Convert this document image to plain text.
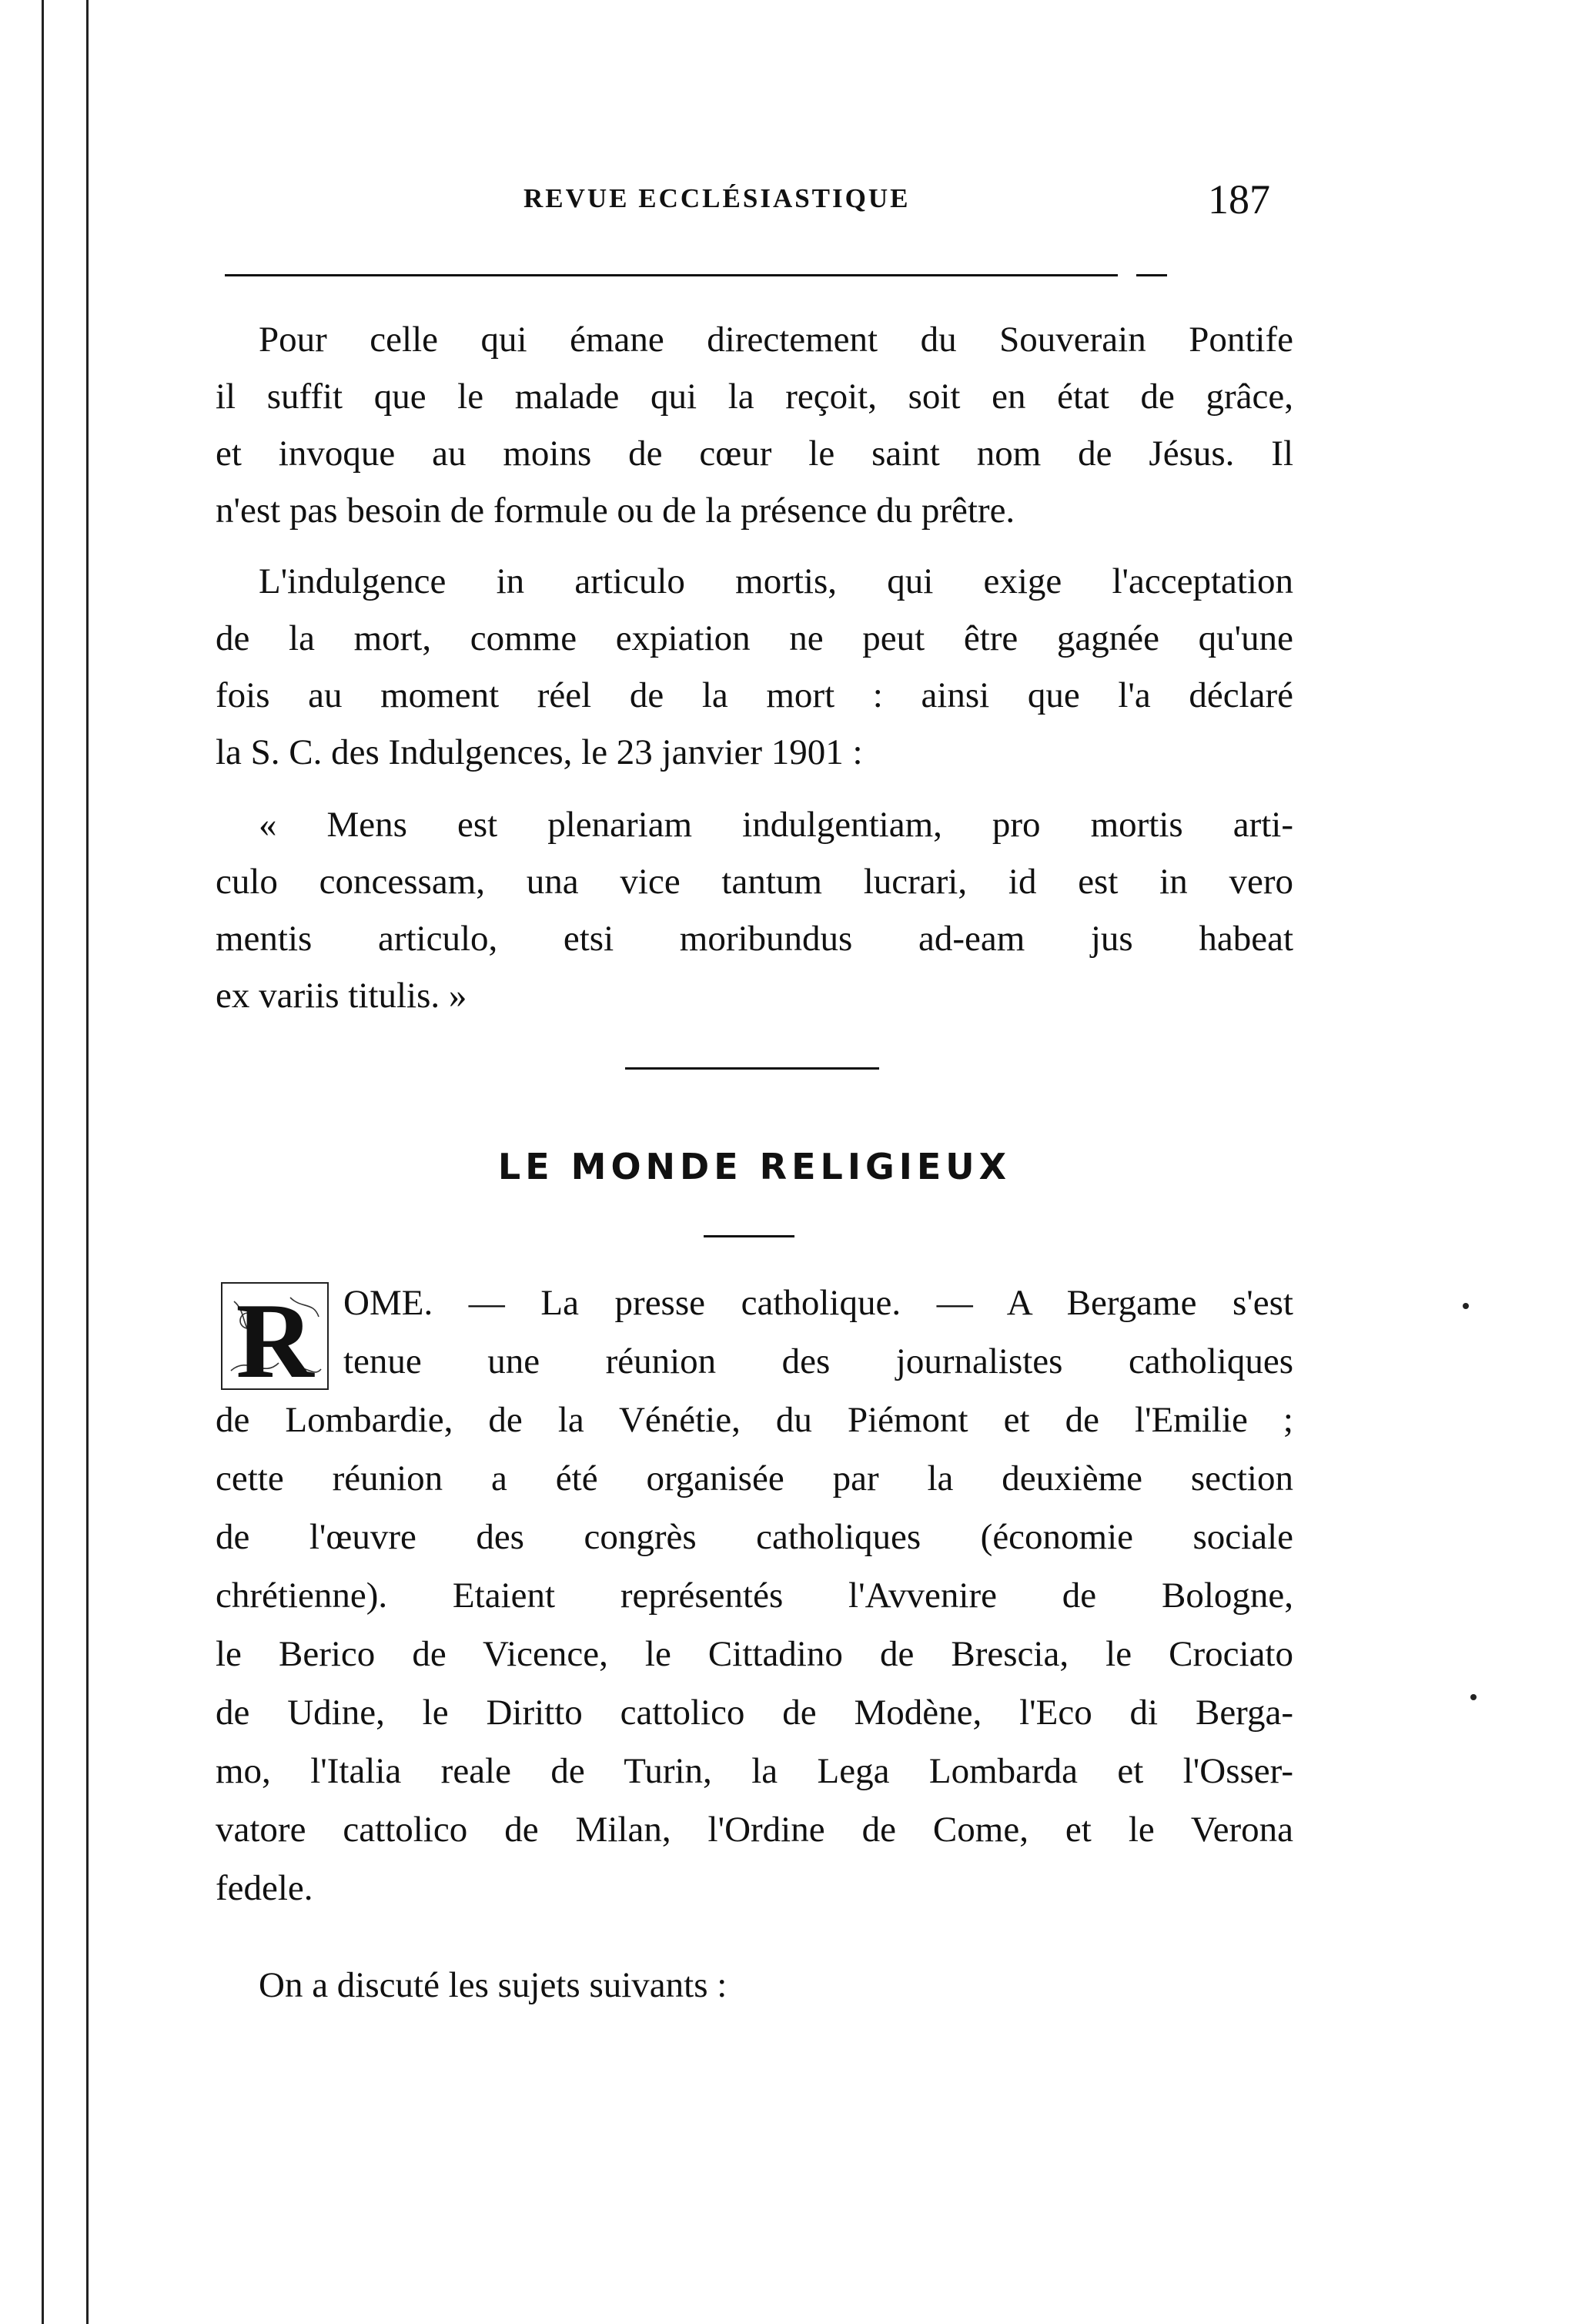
REVUE ECCLÉSIASTIQUE	187
Pour celle qui émane directement du Souverain Pontife
il suffit que le malade qui la reçoit, soit en état de grâce,
et invoque au moins de cœur le saint nom de Jésus. Il
n'est pas besoin de formule ou de la présence du prêtre.
L'indulgence in articulo mortis, qui exige l'acceptation
de la mort, comme expiation ne peut être gagnée qu'une
fois au moment réel de la mort : ainsi que l'a déclaré
la S. C. des Indulgences, le 23 janvier 1901 :
« Mens est plenariam indulgentiam, pro mortis arti-
culo concessam, una vice tantum lucrari, id est in vero
mentis articulo, etsi moribundus ad-eam jus habeat
ex variis titulis. »
LE MONDE RELIGIEUX
R OME. — La presse catholique. — A Bergame s'est
tenue une réunion des journalistes catholiques
de Lombardie, de la Vénétie, du Piémont et de l'Emilie ;
cette réunion a été organisée par la deuxième section
de l'œuvre des congrès catholiques (économie sociale
chrétienne). Etaient représentés l'Avvenire de Bologne,
le Berico de Vicence, le Cittadino de Brescia, le Crociato
de Udine, le Diritto cattolico de Modène, l'Eco di Berga-
mo, l'Italia reale de Turin, la Lega Lombarda et l'Osser-
vatore cattolico de Milan, l'Ordine de Come, et le Verona
fedele.
On a discuté les sujets suivants :
